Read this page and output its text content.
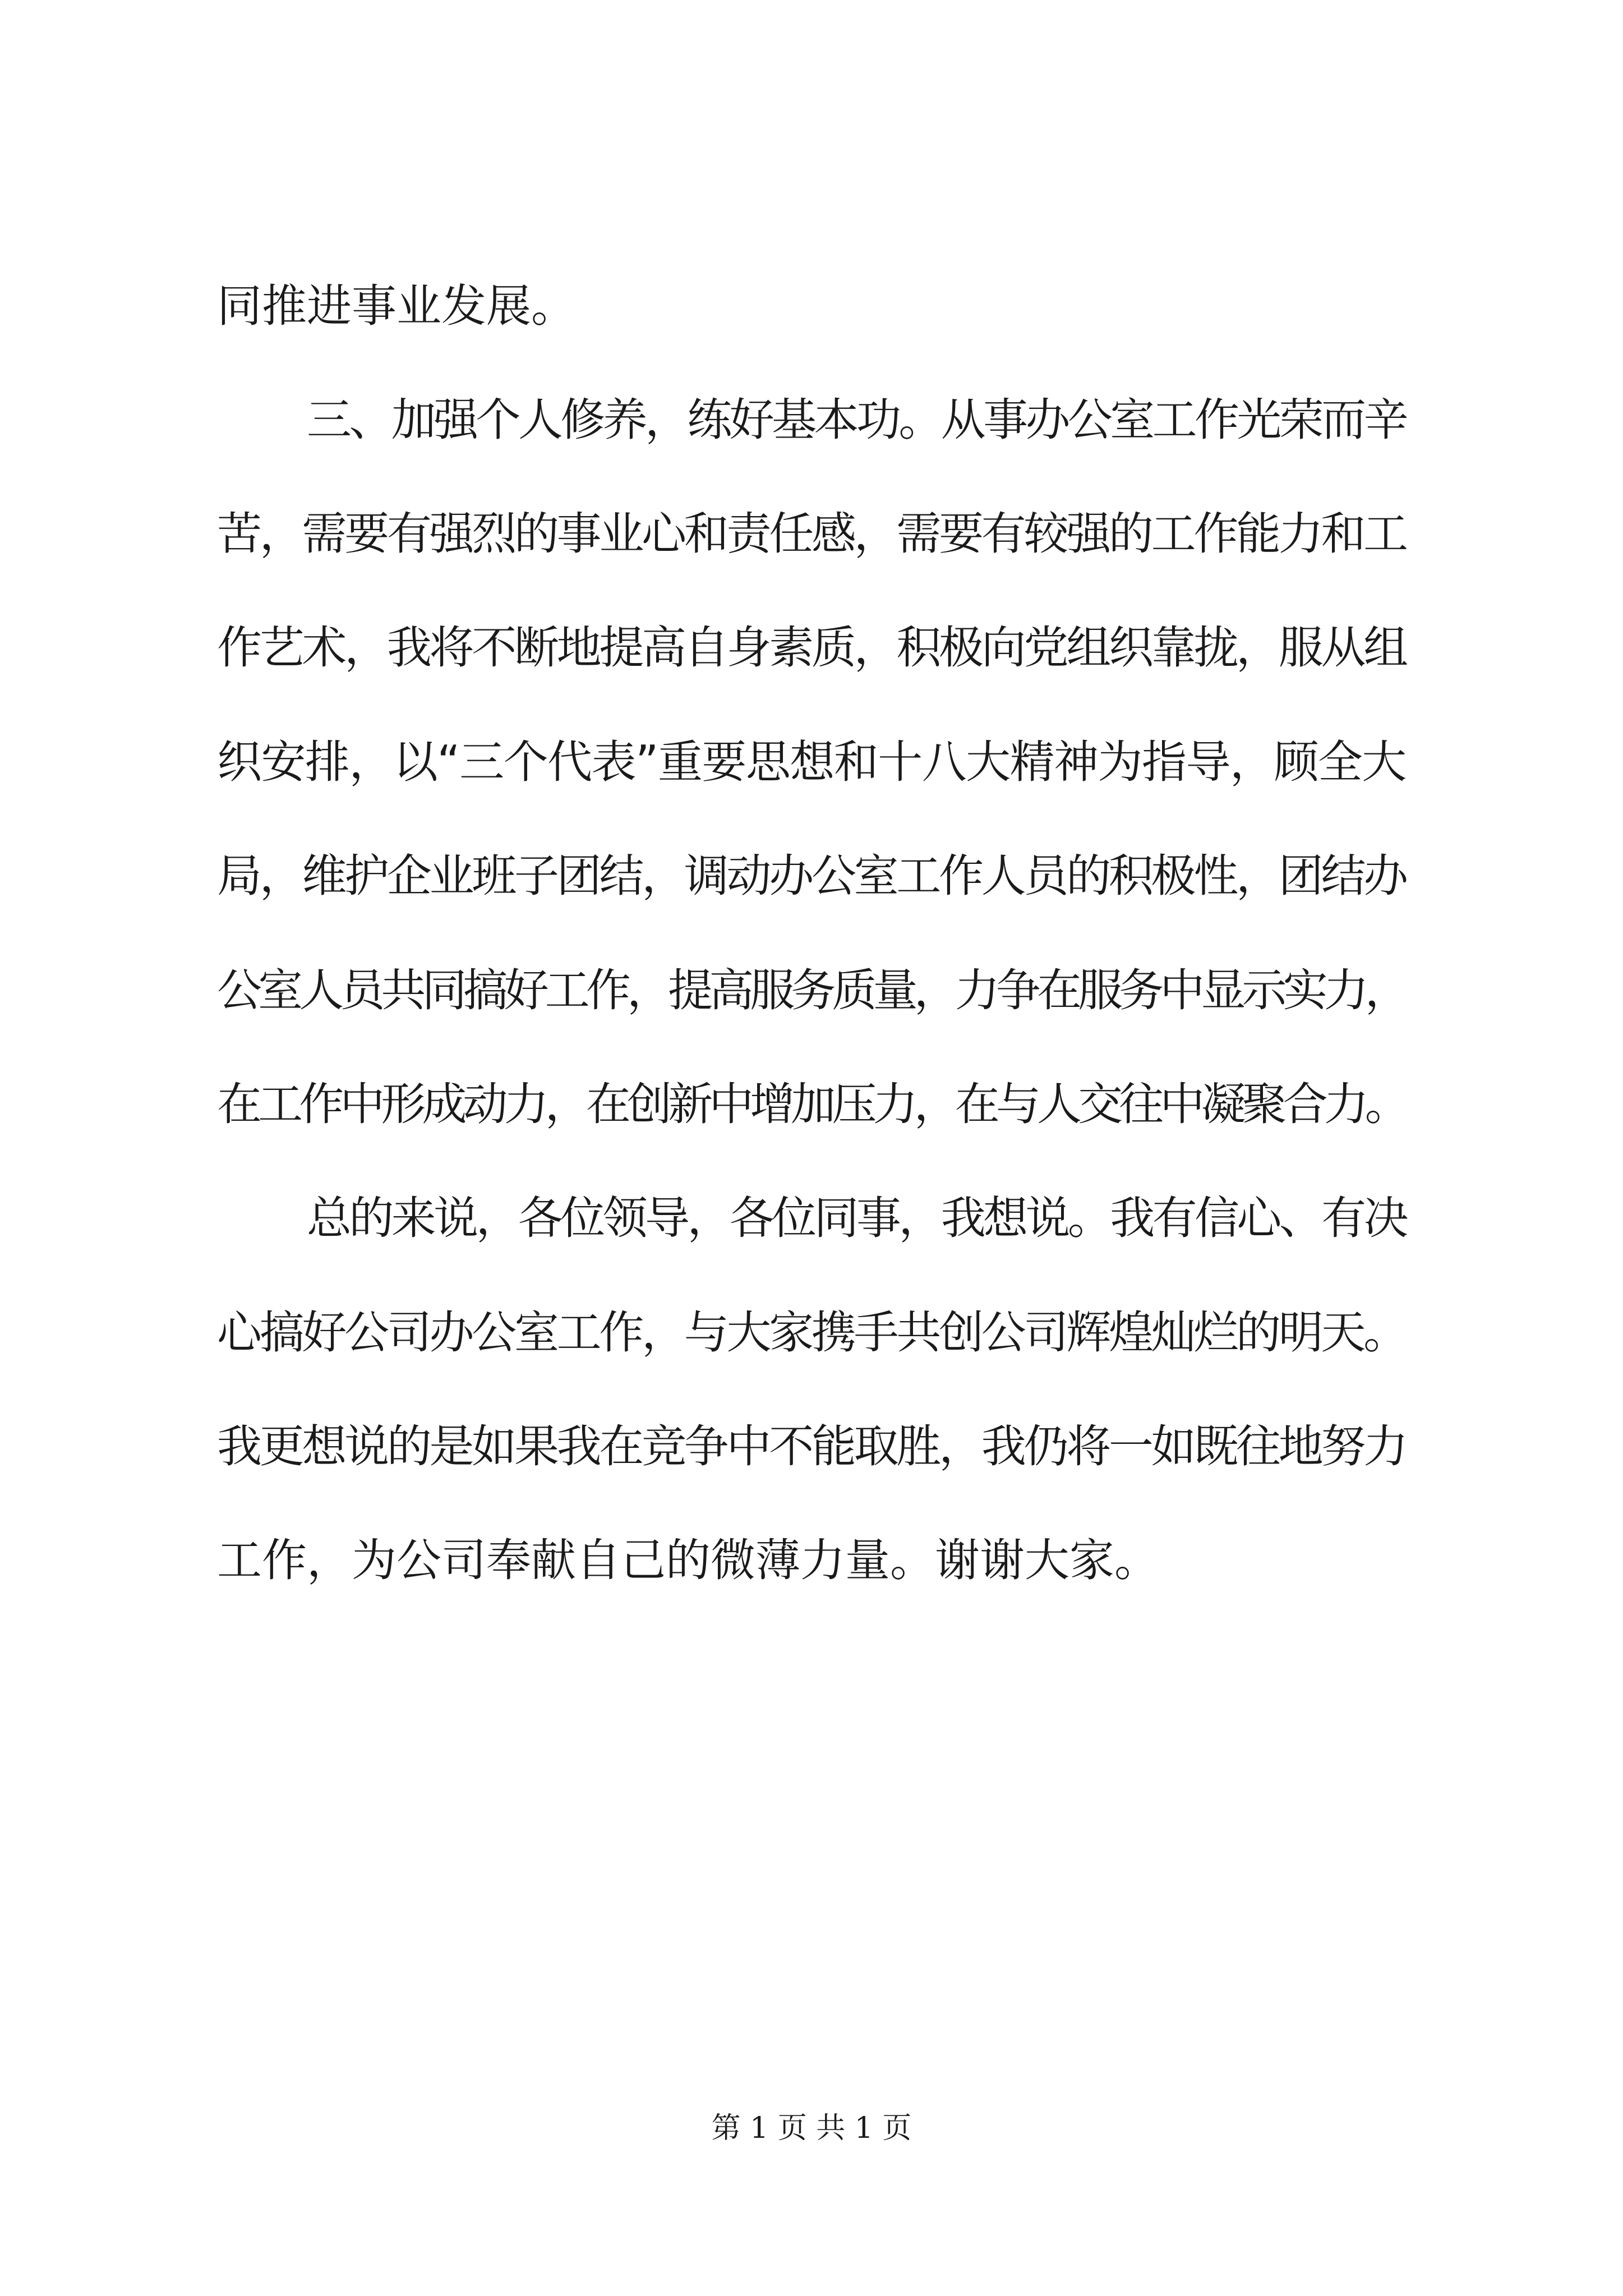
同推进事业发展。

三、加强个人修养，练好基本功。从事办公室工作光荣而辛

苦，需要有强烈的事业心和责任感，需要有较强的工作能力和工

作艺术，我将不断地提高自身素质，积极向党组织靠拢，服从组

织安排，以“三个代表”重要思想和十八大精神为指导，顾全大

局，维护企业班子团结，调动办公室工作人员的积极性，团结办

公室人员共同搞好工作，提高服务质量，力争在服务中显示实力，

在工作中形成动力，在创新中增加压力，在与人交往中凝聚合力。

总的来说，各位领导，各位同事，我想说。我有信心、有决

心搞好公司办公室工作，与大家携手共创公司辉煌灿烂的明天。

我更想说的是如果我在竞争中不能取胜，我仍将一如既往地努力

工作，为公司奉献自己的微薄力量。谢谢大家。

第 1 页 共 1 页
